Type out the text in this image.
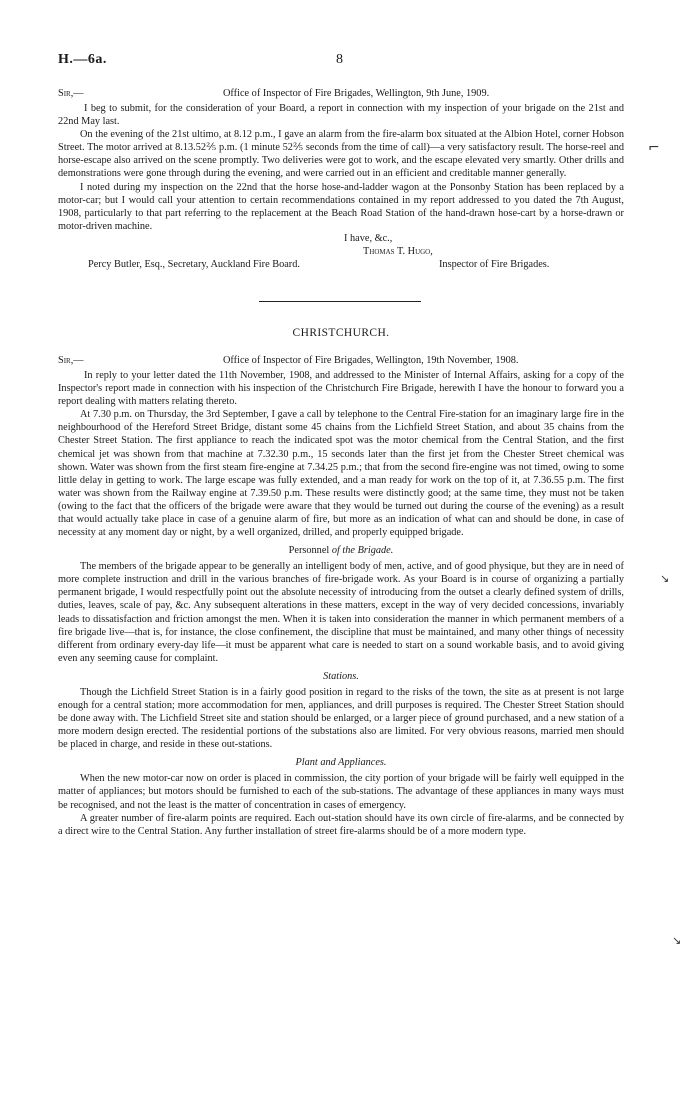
H.—6a.	8
Sir,—	Office of Inspector of Fire Brigades, Wellington, 9th June, 1909.

I beg to submit, for the consideration of your Board, a report in connection with my inspection of your brigade on the 21st and 22nd May last.

On the evening of the 21st ultimo, at 8.12 p.m., I gave an alarm from the fire-alarm box situated at the Albion Hotel, corner Hobson Street. The motor arrived at 8.13.52⅖ p.m. (1 minute 52⅖ seconds from the time of call)—a very satisfactory result. The horse-reel and horse-escape also arrived on the scene promptly. Two deliveries were got to work, and the escape elevated very smartly. Other drills and demonstrations were gone through during the evening, and were carried out in an efficient and creditable manner generally.

I noted during my inspection on the 22nd that the horse hose-and-ladder wagon at the Ponsonby Station has been replaced by a motor-car; but I would call your attention to certain recommendations contained in my report addressed to you dated the 7th August, 1908, particularly to that part referring to the replacement at the Beach Road Station of the hand-drawn hose-cart by a horse-drawn or motor-driven machine.

I have, &c.,
Thomas T. Hugo,
Percy Butler, Esq., Secretary, Auckland Fire Board.	Inspector of Fire Brigades.
CHRISTCHURCH.
Sir,—	Office of Inspector of Fire Brigades, Wellington, 19th November, 1908.

In reply to your letter dated the 11th November, 1908, and addressed to the Minister of Internal Affairs, asking for a copy of the Inspector's report made in connection with his inspection of the Christchurch Fire Brigade, herewith I have the honour to forward you a report dealing with matters relating thereto.

At 7.30 p.m. on Thursday, the 3rd September, I gave a call by telephone to the Central Fire-station for an imaginary large fire in the neighbourhood of the Hereford Street Bridge, distant some 45 chains from the Lichfield Street Station, and about 35 chains from the Chester Street Station. The first appliance to reach the indicated spot was the motor chemical from the Central Station, and the first chemical jet was shown from that machine at 7.32.30 p.m., 15 seconds later than the first jet from the Chester Street chemical was shown. Water was shown from the first steam fire-engine at 7.34.25 p.m.; that from the second fire-engine was not timed, owing to some little delay in getting to work. The large escape was fully extended, and a man ready for work on the top of it, at 7.36.55 p.m. The first water was shown from the Railway engine at 7.39.50 p.m. These results were distinctly good; at the same time, they must not be taken (owing to the fact that the officers of the brigade were aware that they would be turned out during the course of the evening) as a result that would actually take place in case of a genuine alarm of fire, but more as an indication of what can and should be done, in case of necessity at any moment day or night, by a well organized, drilled, and properly equipped brigade.

Personnel of the Brigade.

The members of the brigade appear to be generally an intelligent body of men, active, and of good physique, but they are in need of more complete instruction and drill in the various branches of fire-brigade work. As your Board is in course of organizing a partially permanent brigade, I would respectfully point out the absolute necessity of introducing from the outset a clearly defined system of drills, duties, leaves, scale of pay, &c. Any subsequent alterations in these matters, except in the way of very decided concessions, invariably leads to dissatisfaction and friction amongst the men. When it is taken into consideration the manner in which permanent members of a fire brigade live—that is, for instance, the close confinement, the discipline that must be maintained, and many other things of necessity different from ordinary every-day life—it must be apparent what care is needed to start on a sound workable basis, and to avoid giving even any seeming cause for complaint.

Stations.

Though the Lichfield Street Station is in a fairly good position in regard to the risks of the town, the site as at present is not large enough for a central station; more accommodation for men, appliances, and drill purposes is required. The Chester Street Station should be done away with. The Lichfield Street site and station should be enlarged, or a larger piece of ground purchased, and a new station of a more modern design erected. The residential portions of the substations also are limited. For very obvious reasons, married men should be placed in charge, and reside in these out-stations.

Plant and Appliances.

When the new motor-car now on order is placed in commission, the city portion of your brigade will be fairly well equipped in the matter of appliances; but motors should be furnished to each of the sub-stations. The advantage of these appliances in many ways must be recognised, and not the least is the matter of concentration in cases of emergency.

A greater number of fire-alarm points are required. Each out-station should have its own circle of fire-alarms, and be connected by a direct wire to the Central Station. Any further installation of street fire-alarms should be of a more modern type.

⌐
↘
↘
